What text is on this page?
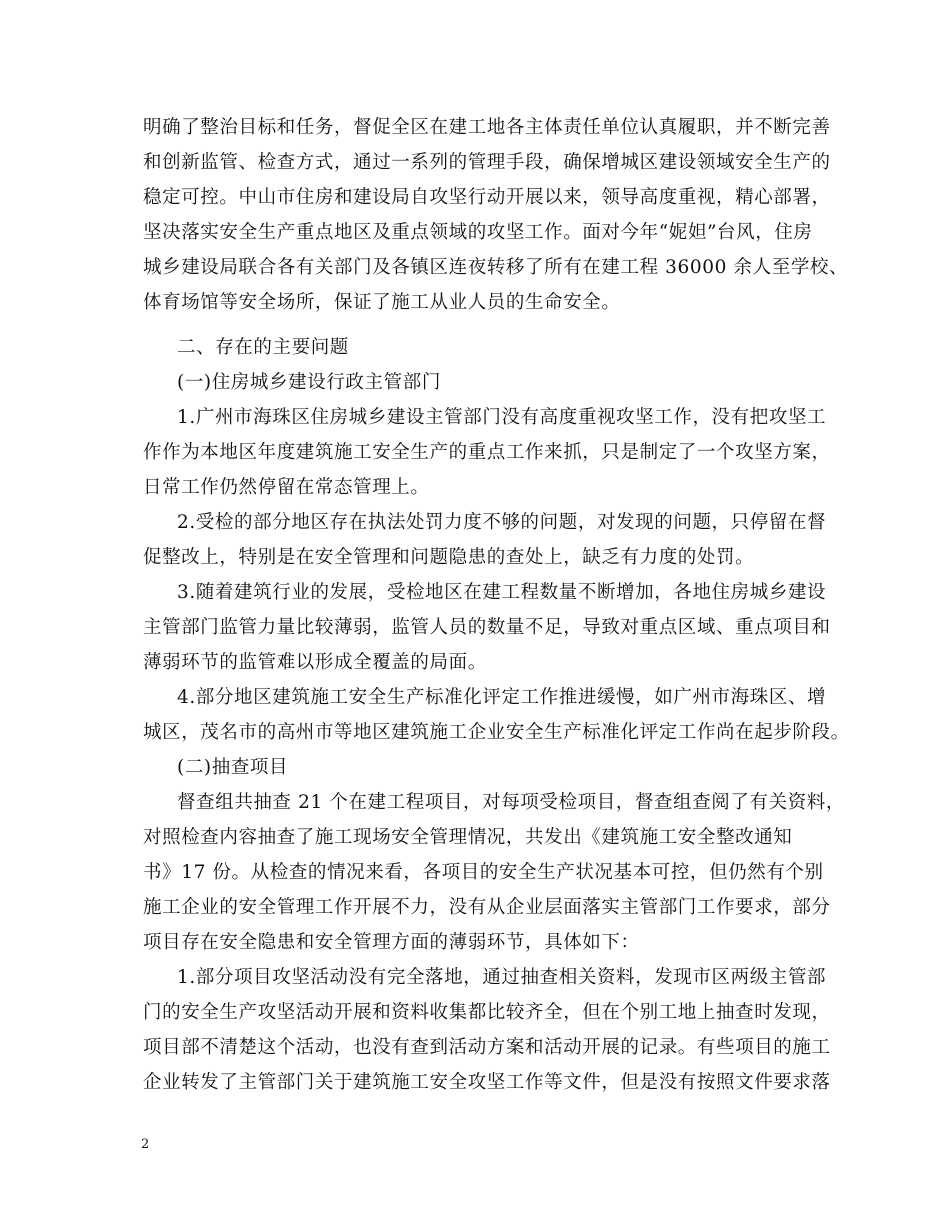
明确了整治目标和任务，督促全区在建工地各主体责任单位认真履职，并不断完善
和创新监管、检查方式，通过一系列的管理手段，确保增城区建设领域安全生产的
稳定可控。中山市住房和建设局自攻坚行动开展以来，领导高度重视，精心部署，
坚决落实安全生产重点地区及重点领域的攻坚工作。面对今年“妮妲”台风，住房
城乡建设局联合各有关部门及各镇区连夜转移了所有在建工程 36000 余人至学校、
体育场馆等安全场所，保证了施工从业人员的生命安全。
二、存在的主要问题
(一)住房城乡建设行政主管部门
1.广州市海珠区住房城乡建设主管部门没有高度重视攻坚工作，没有把攻坚工
作作为本地区年度建筑施工安全生产的重点工作来抓，只是制定了一个攻坚方案，
日常工作仍然停留在常态管理上。
2.受检的部分地区存在执法处罚力度不够的问题，对发现的问题，只停留在督
促整改上，特别是在安全管理和问题隐患的查处上，缺乏有力度的处罚。
3.随着建筑行业的发展，受检地区在建工程数量不断增加，各地住房城乡建设
主管部门监管力量比较薄弱，监管人员的数量不足，导致对重点区域、重点项目和
薄弱环节的监管难以形成全覆盖的局面。
4.部分地区建筑施工安全生产标准化评定工作推进缓慢，如广州市海珠区、增
城区，茂名市的高州市等地区建筑施工企业安全生产标准化评定工作尚在起步阶段。
(二)抽查项目
督查组共抽查 21 个在建工程项目，对每项受检项目，督查组查阅了有关资料，
对照检查内容抽查了施工现场安全管理情况，共发出《建筑施工安全整改通知
书》17 份。从检查的情况来看，各项目的安全生产状况基本可控，但仍然有个别
施工企业的安全管理工作开展不力，没有从企业层面落实主管部门工作要求，部分
项目存在安全隐患和安全管理方面的薄弱环节，具体如下：
1.部分项目攻坚活动没有完全落地，通过抽查相关资料，发现市区两级主管部
门的安全生产攻坚活动开展和资料收集都比较齐全，但在个别工地上抽查时发现，
项目部不清楚这个活动，也没有查到活动方案和活动开展的记录。有些项目的施工
企业转发了主管部门关于建筑施工安全攻坚工作等文件，但是没有按照文件要求落
2
